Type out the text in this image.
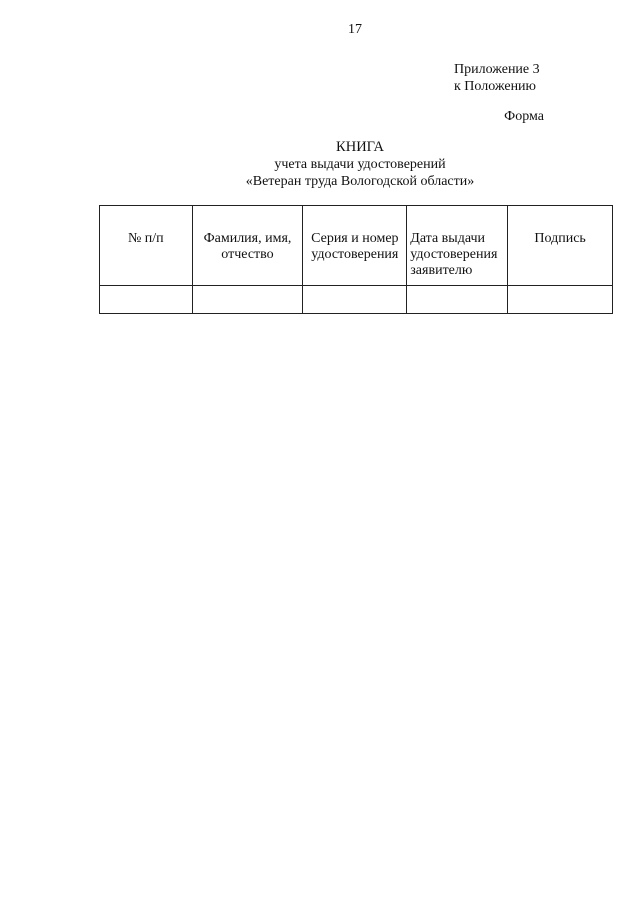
17
Приложение 3
к Положению
Форма
КНИГА
учета выдачи удостоверений
«Ветеран труда Вологодской области»
№ п/п	Фамилия, имя, отчество	Серия и номер удостоверения	Дата выдачи удостоверения заявителю	Подпись
